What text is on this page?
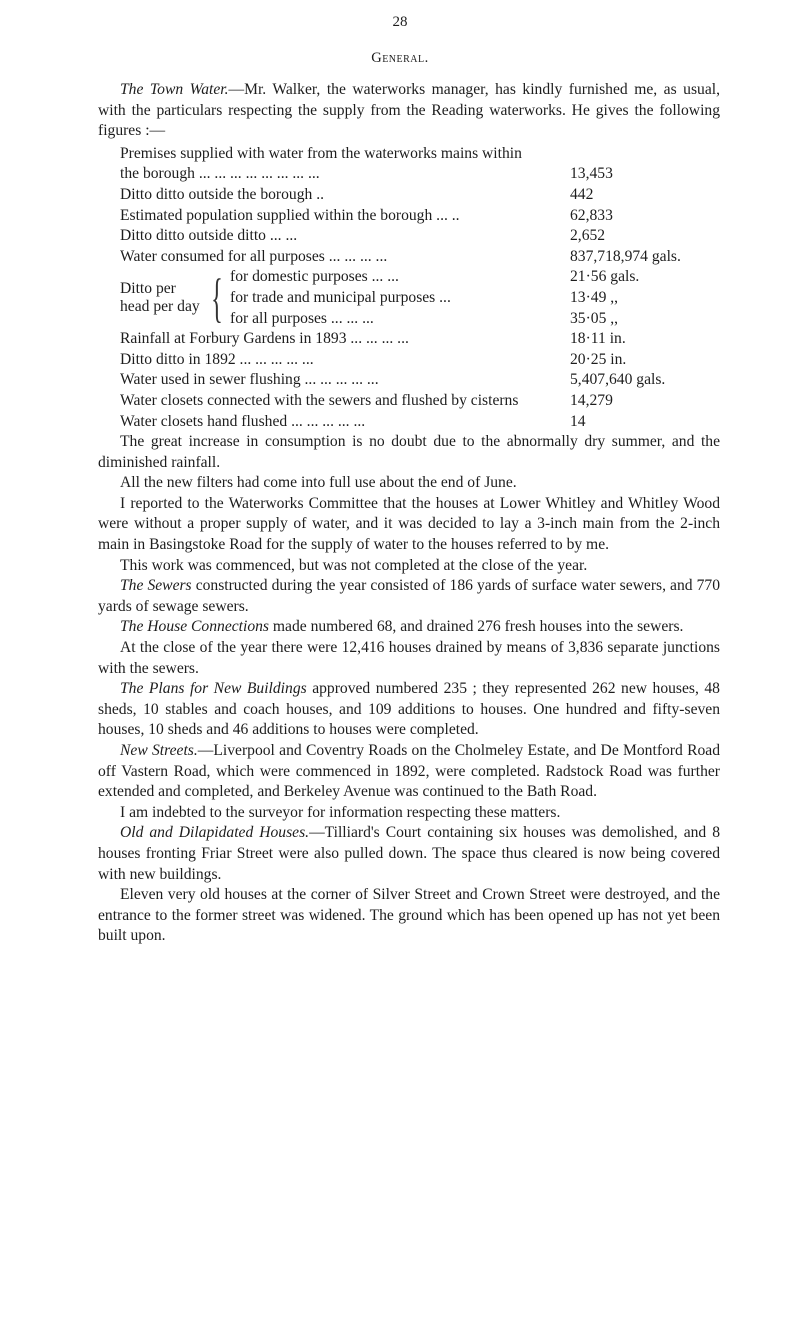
28
General.

The Town Water.—Mr. Walker, the waterworks manager, has kindly furnished me, as usual, with the particulars respecting the supply from the Reading waterworks. He gives the following figures :—

Premises supplied with water from the waterworks mains within
the borough ... ... ... ... ... ... ... ...	13,453
Ditto ditto outside the borough ..	442
Estimated population supplied within the borough ... ..	62,833
Ditto ditto outside ditto ... ...	2,652
Water consumed for all purposes ... ... ... ...	837,718,974 gals.
Ditto per head per day { for domestic purposes ... ...	21·56 gals.
for trade and municipal purposes ...	13·49 ,,
for all purposes ... ... ...	35·05 ,,
Rainfall at Forbury Gardens in 1893 ... ... ... ...	18·11 in.
Ditto ditto in 1892 ... ... ... ... ...	20·25 in.
Water used in sewer flushing ... ... ... ... ...	5,407,640 gals.
Water closets connected with the sewers and flushed by cisterns	14,279
Water closets hand flushed ... ... ... ... ...	14

The great increase in consumption is no doubt due to the abnormally dry summer, and the diminished rainfall.

All the new filters had come into full use about the end of June.

I reported to the Waterworks Committee that the houses at Lower Whitley and Whitley Wood were without a proper supply of water, and it was decided to lay a 3-inch main from the 2-inch main in Basingstoke Road for the supply of water to the houses referred to by me.

This work was commenced, but was not completed at the close of the year.

The Sewers constructed during the year consisted of 186 yards of surface water sewers, and 770 yards of sewage sewers.

The House Connections made numbered 68, and drained 276 fresh houses into the sewers.

At the close of the year there were 12,416 houses drained by means of 3,836 separate junctions with the sewers.

The Plans for New Buildings approved numbered 235 ; they represented 262 new houses, 48 sheds, 10 stables and coach houses, and 109 additions to houses. One hundred and fifty-seven houses, 10 sheds and 46 additions to houses were completed.

New Streets.—Liverpool and Coventry Roads on the Cholmeley Estate, and De Montford Road off Vastern Road, which were commenced in 1892, were completed. Radstock Road was further extended and completed, and Berkeley Avenue was continued to the Bath Road.

I am indebted to the surveyor for information respecting these matters.

Old and Dilapidated Houses.—Tilliard's Court containing six houses was demolished, and 8 houses fronting Friar Street were also pulled down. The space thus cleared is now being covered with new buildings.

Eleven very old houses at the corner of Silver Street and Crown Street were destroyed, and the entrance to the former street was widened. The ground which has been opened up has not yet been built upon.
